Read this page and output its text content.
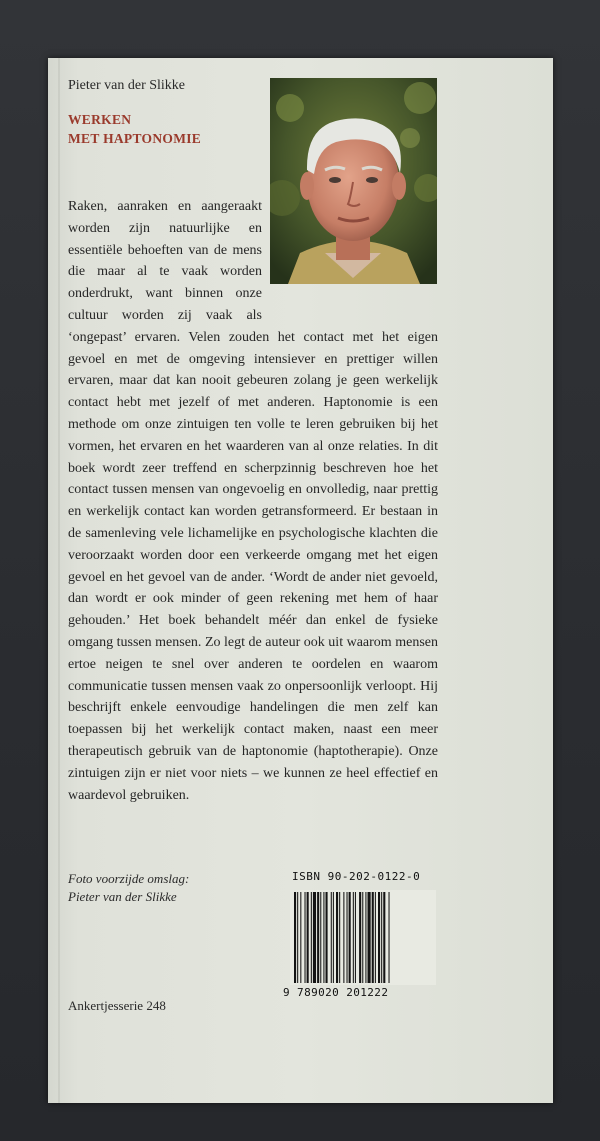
Pieter van der Slikke

WERKEN
MET HAPTONOMIE

Raken, aanraken en aangeraakt worden zijn natuurlijke en essentiële behoeften van de mens die maar al te vaak worden onderdrukt, want binnen onze cultuur worden zij vaak als ‘ongepast’ ervaren. Velen zouden het contact met het eigen gevoel en met de omgeving intensiever en prettiger willen ervaren, maar dat kan nooit gebeuren zolang je geen werkelijk contact hebt met jezelf of met anderen. Haptonomie is een methode om onze zintuigen ten volle te leren gebruiken bij het vormen, het ervaren en het waarderen van al onze relaties. In dit boek wordt zeer treffend en scherpzinnig beschreven hoe het contact tussen mensen van ongevoelig en onvolledig, naar prettig en werkelijk contact kan worden getransformeerd. Er bestaan in de samenleving vele lichamelijke en psychologische klachten die veroorzaakt worden door een verkeerde omgang met het eigen gevoel en het gevoel van de ander. ‘Wordt de ander niet gevoeld, dan wordt er ook minder of geen rekening met hem of haar gehouden.’ Het boek behandelt méér dan enkel de fysieke omgang tussen mensen. Zo legt de auteur ook uit waarom mensen ertoe neigen te snel over anderen te oordelen en waarom communicatie tussen mensen vaak zo onpersoonlijk verloopt. Hij beschrijft enkele eenvoudige handelingen die men zelf kan toepassen bij het werkelijk contact maken, naast een meer therapeutisch gebruik van de haptonomie (haptotherapie). Onze zintuigen zijn er niet voor niets – we kunnen ze heel effectief en waardevol gebruiken.

Foto voorzijde omslag:
Pieter van der Slikke
ISBN 90-202-0122-0
9 789020 201222
Ankertjesserie 248
